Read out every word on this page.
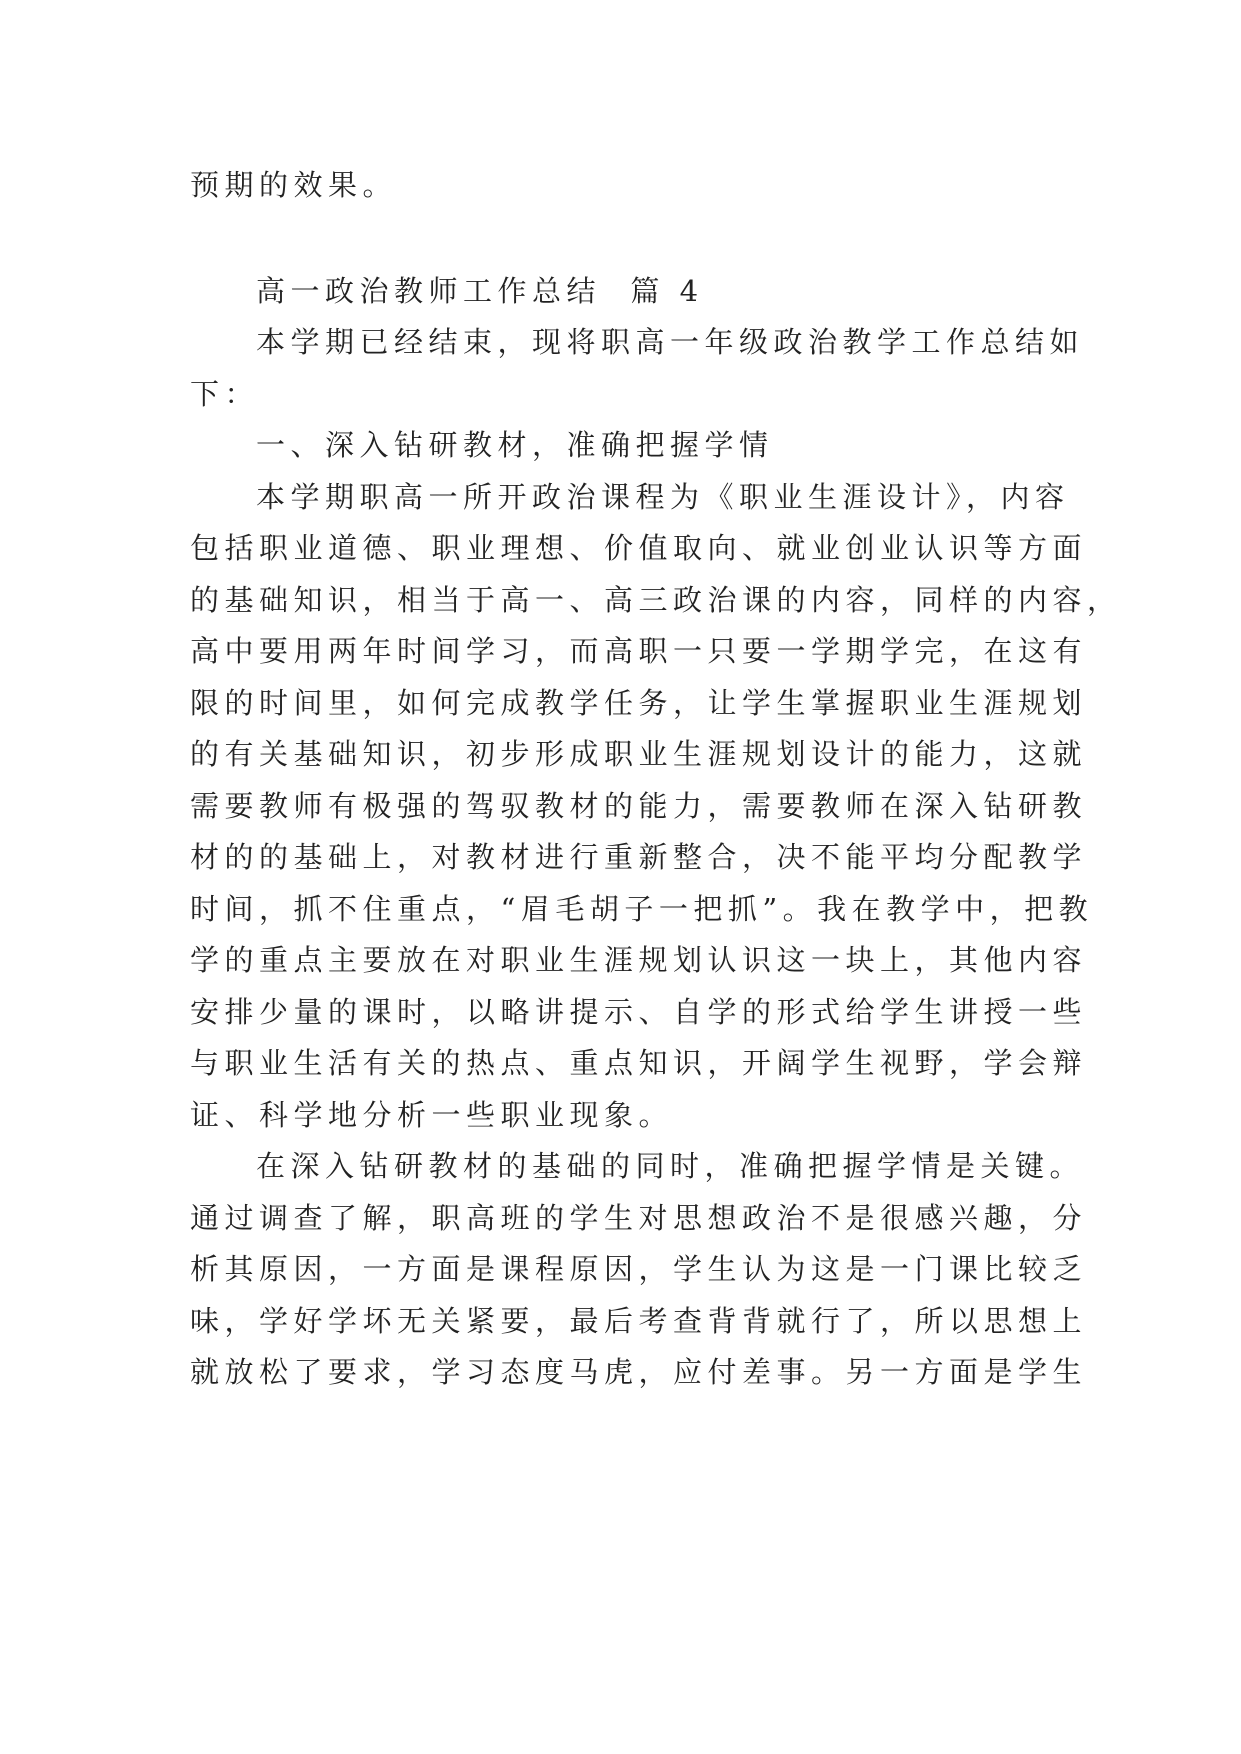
预期的效果。

高一政治教师工作总结  篇 4

本学期已经结束，现将职高一年级政治教学工作总结如

下：

一、深入钻研教材，准确把握学情

本学期职高一所开政治课程为《职业生涯设计》，内容

包括职业道德、职业理想、价值取向、就业创业认识等方面

的基础知识，相当于高一、高三政治课的内容，同样的内容，

高中要用两年时间学习，而高职一只要一学期学完，在这有

限的时间里，如何完成教学任务，让学生掌握职业生涯规划

的有关基础知识，初步形成职业生涯规划设计的能力，这就

需要教师有极强的驾驭教材的能力，需要教师在深入钻研教

材的的基础上，对教材进行重新整合，决不能平均分配教学

时间，抓不住重点，“眉毛胡子一把抓”。我在教学中，把教

学的重点主要放在对职业生涯规划认识这一块上，其他内容

安排少量的课时，以略讲提示、自学的形式给学生讲授一些

与职业生活有关的热点、重点知识，开阔学生视野，学会辩

证、科学地分析一些职业现象。

在深入钻研教材的基础的同时，准确把握学情是关键。

通过调查了解，职高班的学生对思想政治不是很感兴趣，分

析其原因，一方面是课程原因，学生认为这是一门课比较乏

味，学好学坏无关紧要，最后考查背背就行了，所以思想上

就放松了要求，学习态度马虎，应付差事。另一方面是学生
